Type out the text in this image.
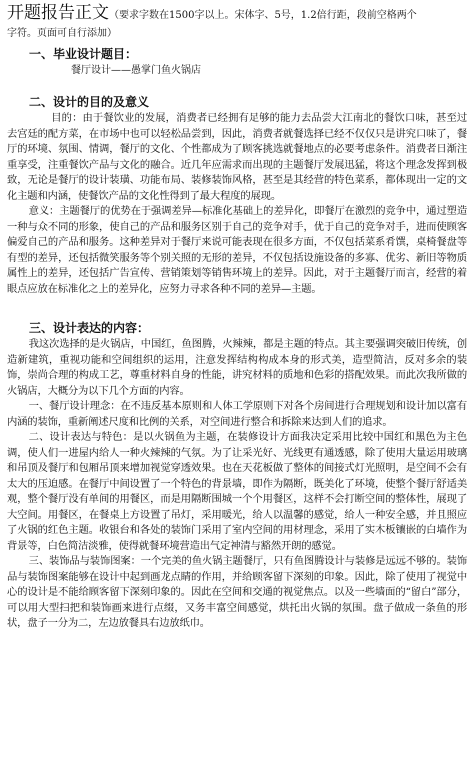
开题报告正文（要求字数在1500字以上。宋体字、5号，1.2倍行距，段前空格两个

字符。页面可自行添加）

一、毕业设计题目：
餐厅设计——愚掌门鱼火锅店
二、设计的目的及意义

目的：由于餐饮业的发展，消费者已经拥有足够的能力去品尝大江南北的餐饮口味，甚至过去宫廷的配方菜，在市场中也可以轻松品尝到，因此，消费者就餐选择已经不仅仅只是讲究口味了，餐厅的环境、氛围、情调，餐厅的文化、个性都成为了顾客挑选就餐地点的必要考虑条件。消费者日渐注重享受，注重餐饮产品与文化的融合。近几年应需求而出现的主题餐厅发展迅猛，将这个理念发挥到极致，无论是餐厅的设计装璜、功能布局、装修装饰风格，甚至是其经营的特色菜系，都体现出一定的文化主题和内涵，使餐饮产品的文化性得到了最大程度的展现。

意义：主题餐厅的优势在于强调差异—标准化基础上的差异化，即餐厅在激烈的竞争中，通过塑造一种与众不同的形象，使自己的产品和服务区别于自己的竞争对手，优于自己的竞争对手，进而使顾客偏爱自己的产品和服务。这种差异对于餐厅来说可能表现在很多方面，不仅包括菜系肴馔，桌椅餐盘等有型的差异，还包括微笑服务等个别关照的无形的差异，不仅包括设施设备的多寡、优劣、新旧等物质属性上的差异，还包括广告宣传、营销策划等销售环境上的差异。因此，对于主题餐厅而言，经营的着眼点应放在标准化之上的差异化，应努力寻求各种不同的差异—主题。

三、设计表达的内容：

我这次选择的是火锅店，中国红，鱼图腾，火辣辣，都是主题的特点。其主要强调突破旧传统，创造新建筑，重视功能和空间组织的运用，注意发挥结构构成本身的形式美，造型简洁，反对多余的装饰，崇尚合理的构成工艺，尊重材料自身的性能，讲究材料的质地和色彩的搭配效果。而此次我所做的火锅店，大概分为以下几个方面的内容。

一、餐厅设计理念：在不违反基本原则和人体工学原则下对各个房间进行合理规划和设计加以富有内涵的装饰，重新阐述尺度和比例的关系，对空间进行整合和拆除来达到人们的追求。

二、设计表达与特色：是以火锅鱼为主题，在装修设计方面我决定采用比较中国红和黑色为主色调，使人们一进屋内给人一种火辣辣的气氛。为了让采光好、光线更有通透感，除了使用大量运用玻璃和吊顶及餐厅和包厢吊顶来增加视觉穿透效果。也在天花板做了整体的间接式灯光照明，是空间不会有太大的压迫感。在餐厅中间设置了一个特色的背景墙，即作为隔断，既美化了环境，使整个餐厅舒适美观，整个餐厅没有单间的用餐区，而是用隔断围城一个个用餐区，这样不会打断空间的整体性，展现了大空间。用餐区，在餐桌上方设置了吊灯，采用暖光，给人以温馨的感觉，给人一种安全感，并且照应了火锅的红色主题。收银台和各处的装饰门采用了室内空间的用材理念，采用了实木板镶嵌的白墙作为背景等，白色简洁淡雅，使得就餐环境营造出气定神清与豁然开朗的感觉。

三、装饰品与装饰图案：一个完美的鱼火锅主题餐厅，只有鱼图腾设计与装修是远远不够的。装饰品与装饰图案能够在设计中起到画龙点睛的作用，并给顾客留下深刻的印象。因此，除了使用了视觉中心的设计是不能给顾客留下深刻印象的。因此在空间和交通的视觉焦点。以及一些墙面的“留白”部分，可以用大型扫把和装饰画来进行点缀，又务丰富空间感觉，烘托出火锅的氛围。盘子做成一条鱼的形状，盘子一分为二，左边放餐具右边放纸巾。
